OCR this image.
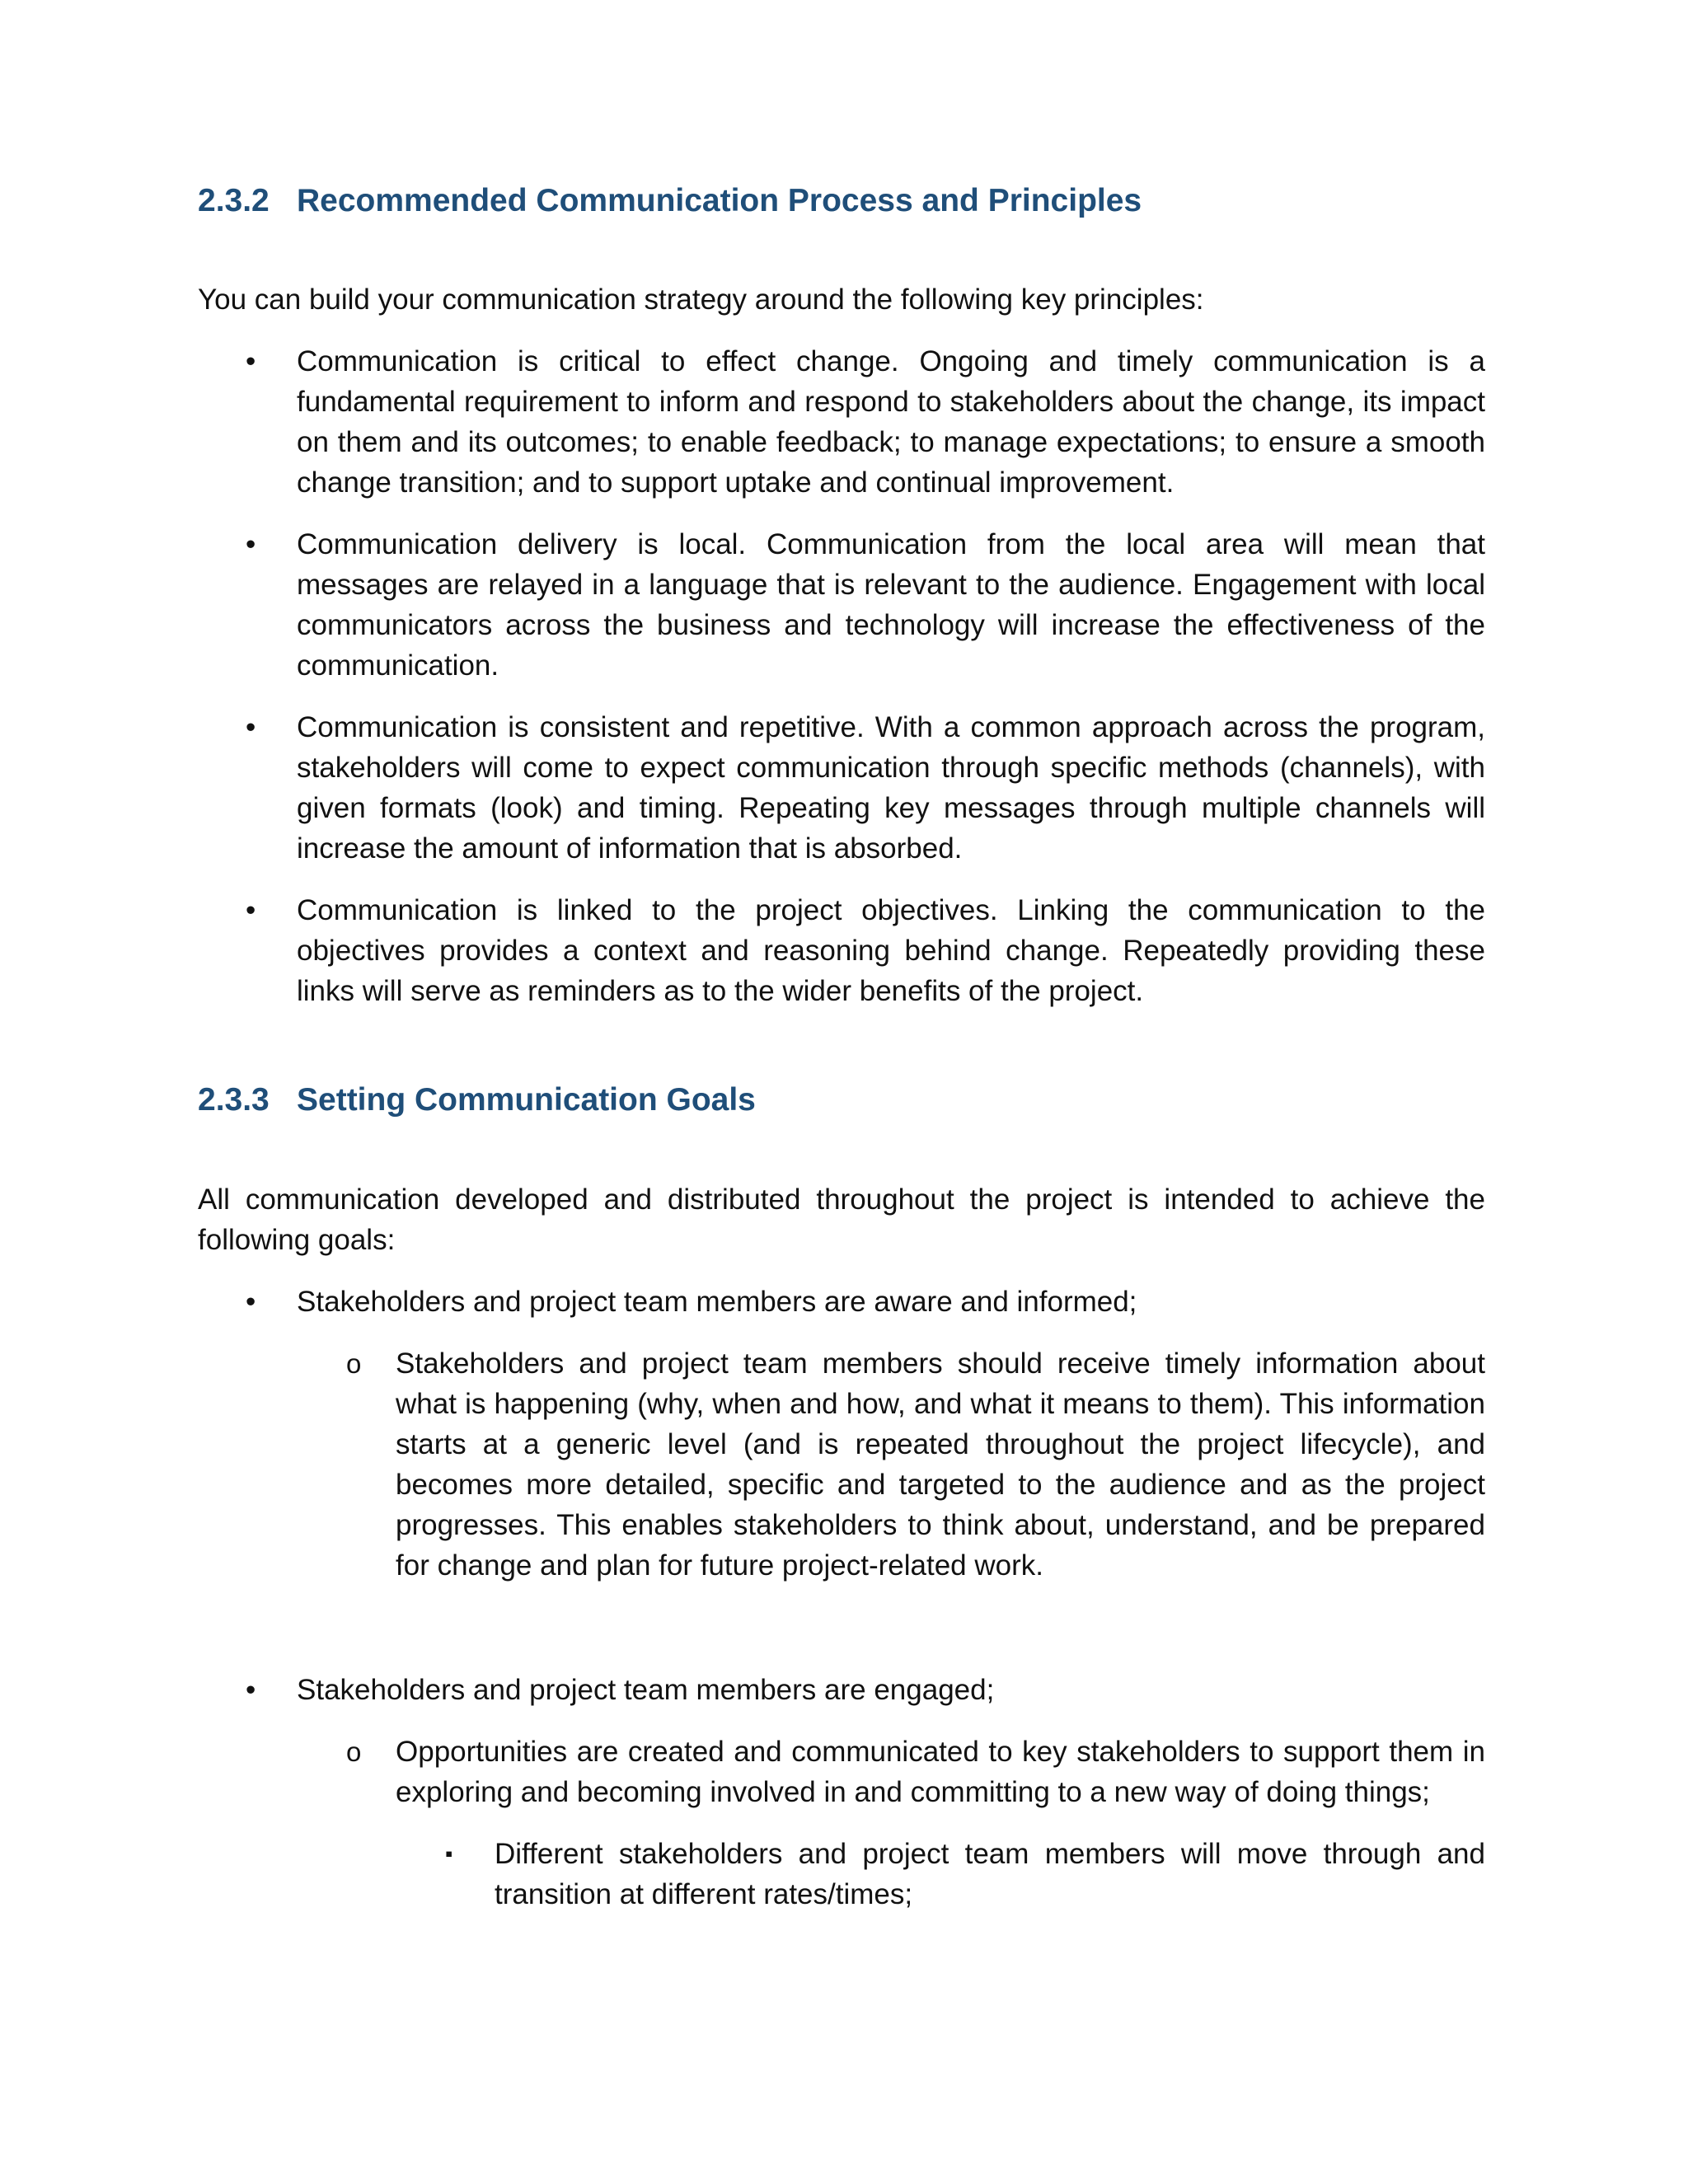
2.3.2 Recommended Communication Process and Principles

You can build your communication strategy around the following key principles:

• Communication is critical to effect change. Ongoing and timely communication is a fundamental requirement to inform and respond to stakeholders about the change, its impact on them and its outcomes; to enable feedback; to manage expectations; to ensure a smooth change transition; and to support uptake and continual improvement.
• Communication delivery is local. Communication from the local area will mean that messages are relayed in a language that is relevant to the audience. Engagement with local communicators across the business and technology will increase the effectiveness of the communication.
• Communication is consistent and repetitive. With a common approach across the program, stakeholders will come to expect communication through specific methods (channels), with given formats (look) and timing. Repeating key messages through multiple channels will increase the amount of information that is absorbed.
• Communication is linked to the project objectives. Linking the communication to the objectives provides a context and reasoning behind change. Repeatedly providing these links will serve as reminders as to the wider benefits of the project.
2.3.3 Setting Communication Goals

All communication developed and distributed throughout the project is intended to achieve the following goals:

• Stakeholders and project team members are aware and informed;
o Stakeholders and project team members should receive timely information about what is happening (why, when and how, and what it means to them). This information starts at a generic level (and is repeated throughout the project lifecycle), and becomes more detailed, specific and targeted to the audience and as the project progresses. This enables stakeholders to think about, understand, and be prepared for change and plan for future project-related work.
• Stakeholders and project team members are engaged;
o Opportunities are created and communicated to key stakeholders to support them in exploring and becoming involved in and committing to a new way of doing things;
▪ Different stakeholders and project team members will move through and transition at different rates/times;
